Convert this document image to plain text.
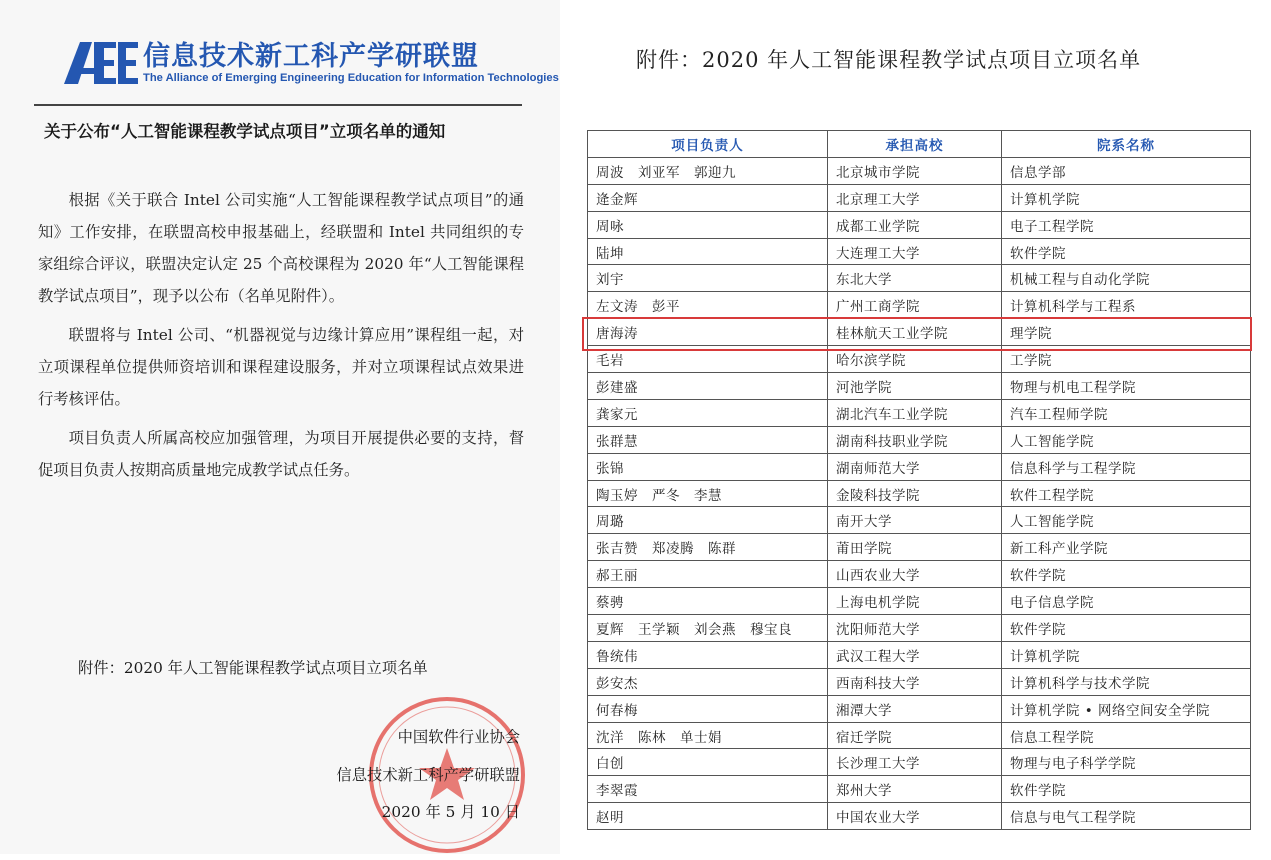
信息技术新工科产学研联盟
The Alliance of Emerging Engineering Education for Information Technologies
关于公布“人工智能课程教学试点项目”立项名单的通知

根据《关于联合 Intel 公司实施“人工智能课程教学试点项目”的通知》工作安排，在联盟高校申报基础上，经联盟和 Intel 共同组织的专家组综合评议，联盟决定认定 25 个高校课程为 2020 年“人工智能课程教学试点项目”，现予以公布（名单见附件）。

联盟将与 Intel 公司、“机器视觉与边缘计算应用”课程组一起，对立项课程单位提供师资培训和课程建设服务，并对立项课程试点效果进行考核评估。

项目负责人所属高校应加强管理，为项目开展提供必要的支持，督促项目负责人按期高质量地完成教学试点任务。

附件：2020 年人工智能课程教学试点项目立项名单
中国软件行业协会
信息技术新工科产学研联盟
2020 年 5 月 10 日
附件：2020 年人工智能课程教学试点项目立项名单
项目负责人	承担高校	院系名称
周波　刘亚军　郭迎九	北京城市学院	信息学部
逄金辉	北京理工大学	计算机学院
周咏	成都工业学院	电子工程学院
陆坤	大连理工大学	软件学院
刘宇	东北大学	机械工程与自动化学院
左文涛　彭平	广州工商学院	计算机科学与工程系
唐海涛	桂林航天工业学院	理学院
毛岩	哈尔滨学院	工学院
彭建盛	河池学院	物理与机电工程学院
龚家元	湖北汽车工业学院	汽车工程师学院
张群慧	湖南科技职业学院	人工智能学院
张锦	湖南师范大学	信息科学与工程学院
陶玉婷　严冬　李慧	金陵科技学院	软件工程学院
周璐	南开大学	人工智能学院
张吉赞　郑凌腾　陈群	莆田学院	新工科产业学院
郝王丽	山西农业大学	软件学院
蔡骋	上海电机学院	电子信息学院
夏辉　王学颖　刘会燕　穆宝良	沈阳师范大学	软件学院
鲁统伟	武汉工程大学	计算机学院
彭安杰	西南科技大学	计算机科学与技术学院
何春梅	湘潭大学	计算机学院 • 网络空间安全学院
沈洋　陈林　单士娟	宿迁学院	信息工程学院
白创	长沙理工大学	物理与电子科学学院
李翠霞	郑州大学	软件学院
赵明	中国农业大学	信息与电气工程学院
